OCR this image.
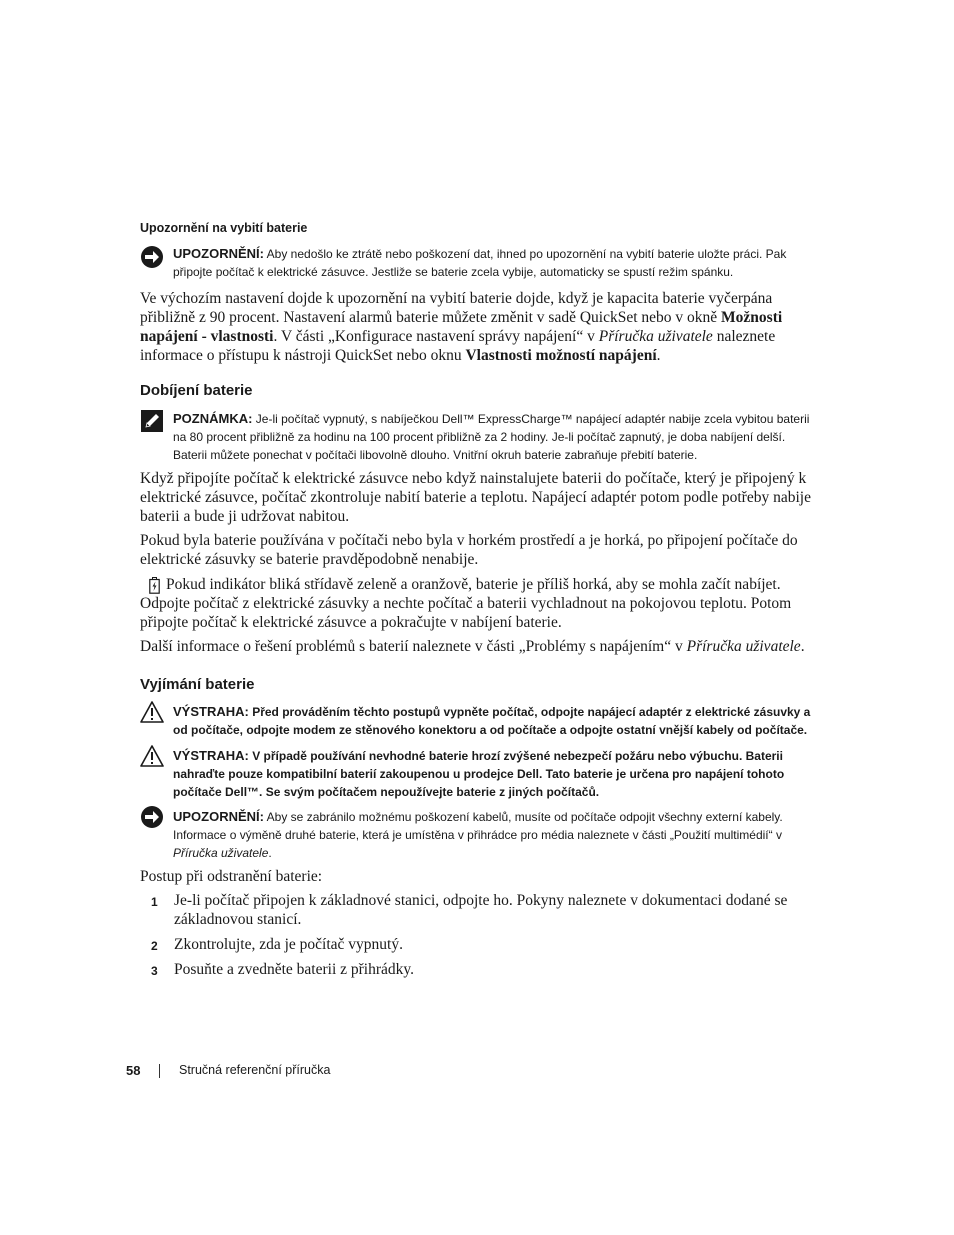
Upozornění na vybití baterie
UPOZORNĚNÍ: Aby nedošlo ke ztrátě nebo poškození dat, ihned po upozornění na vybití baterie uložte práci. Pak připojte počítač k elektrické zásuvce. Jestliže se baterie zcela vybije, automaticky se spustí režim spánku.
Ve výchozím nastavení dojde k upozornění na vybití baterie dojde, když je kapacita baterie vyčerpána přibližně z 90 procent. Nastavení alarmů baterie můžete změnit v sadě QuickSet nebo v okně Možnosti napájení - vlastnosti. V části „Konfigurace nastavení správy napájení“ v Příručka uživatele naleznete informace o přístupu k nástroji QuickSet nebo oknu Vlastnosti možností napájení.
Dobíjení baterie
POZNÁMKA: Je-li počítač vypnutý, s nabíječkou Dell™ ExpressCharge™ napájecí adaptér nabije zcela vybitou baterii na 80 procent přibližně za hodinu na 100 procent přibližně za 2 hodiny. Je-li počítač zapnutý, je doba nabíjení delší. Baterii můžete ponechat v počítači libovolně dlouho. Vnitřní okruh baterie zabraňuje přebití baterie.
Když připojíte počítač k elektrické zásuvce nebo když nainstalujete baterii do počítače, který je připojený k elektrické zásuvce, počítač zkontroluje nabití baterie a teplotu. Napájecí adaptér potom podle potřeby nabije baterii a bude ji udržovat nabitou.
Pokud byla baterie používána v počítači nebo byla v horkém prostředí a je horká, po připojení počítače do elektrické zásuvky se baterie pravděpodobně nenabije.
Pokud indikátor bliká střídavě zeleně a oranžově, baterie je příliš horká, aby se mohla začít nabíjet. Odpojte počítač z elektrické zásuvky a nechte počítač a baterii vychladnout na pokojovou teplotu. Potom připojte počítač k elektrické zásuvce a pokračujte v nabíjení baterie.
Další informace o řešení problémů s baterií naleznete v části „Problémy s napájením“ v Příručka uživatele.
Vyjímání baterie
VÝSTRAHA: Před prováděním těchto postupů vypněte počítač, odpojte napájecí adaptér z elektrické zásuvky a od počítače, odpojte modem ze stěnového konektoru a od počítače a odpojte ostatní vnější kabely od počítače.
VÝSTRAHA: V případě používání nevhodné baterie hrozí zvýšené nebezpečí požáru nebo výbuchu. Baterii nahraďte pouze kompatibilní baterií zakoupenou u prodejce Dell. Tato baterie je určena pro napájení tohoto počítače Dell™. Se svým počítačem nepoužívejte baterie z jiných počítačů.
UPOZORNĚNÍ: Aby se zabránilo možnému poškození kabelů, musíte od počítače odpojit všechny externí kabely. Informace o výměně druhé baterie, která je umístěna v přihrádce pro média naleznete v části „Použití multimédií“ v Příručka uživatele.
Postup při odstranění baterie:
1 Je-li počítač připojen k základnové stanici, odpojte ho. Pokyny naleznete v dokumentaci dodané se základnovou stanicí.
2 Zkontrolujte, zda je počítač vypnutý.
3 Posuňte a zvedněte baterii z přihrádky.
58	Stručná referenční příručka
